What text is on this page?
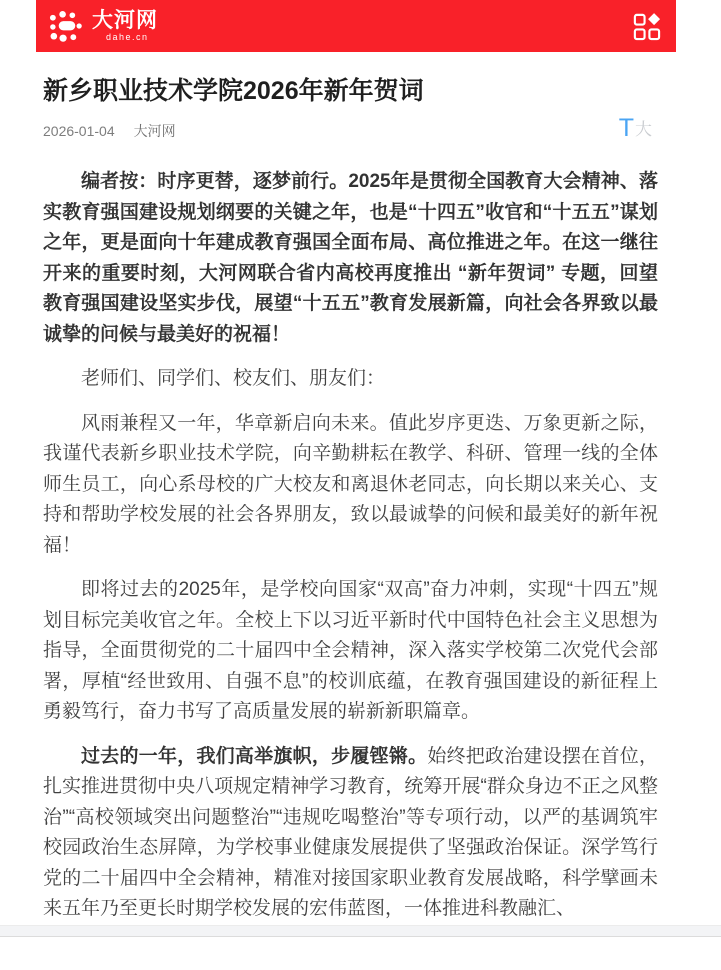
大河网
dahe.cn
新乡职业技术学院2026年新年贺词
2026-01-04 大河网	T 大

编者按：时序更替，逐梦前行。2025年是贯彻全国教育大会精神、落实教育强国建设规划纲要的关键之年，也是“十四五”收官和“十五五”谋划之年，更是面向十年建成教育强国全面布局、高位推进之年。在这一继往开来的重要时刻，大河网联合省内高校再度推出 “新年贺词” 专题，回望教育强国建设坚实步伐，展望“十五五”教育发展新篇，向社会各界致以最诚挚的问候与最美好的祝福！

老师们、同学们、校友们、朋友们：

风雨兼程又一年，华章新启向未来。值此岁序更迭、万象更新之际，我谨代表新乡职业技术学院，向辛勤耕耘在教学、科研、管理一线的全体师生员工，向心系母校的广大校友和离退休老同志，向长期以来关心、支持和帮助学校发展的社会各界朋友，致以最诚挚的问候和最美好的新年祝福！

即将过去的2025年，是学校向国家“双高”奋力冲刺，实现“十四五”规划目标完美收官之年。全校上下以习近平新时代中国特色社会主义思想为指导，全面贯彻党的二十届四中全会精神，深入落实学校第二次党代会部署，厚植“经世致用、自强不息”的校训底蕴，在教育强国建设的新征程上勇毅笃行，奋力书写了高质量发展的崭新新职篇章。

过去的一年，我们高举旗帜，步履铿锵。始终把政治建设摆在首位，扎实推进贯彻中央八项规定精神学习教育，统筹开展“群众身边不正之风整治”“高校领域突出问题整治”“违规吃喝整治”等专项行动，以严的基调筑牢校园政治生态屏障，为学校事业健康发展提供了坚强政治保证。深学笃行党的二十届四中全会精神，精准对接国家职业教育发展战略，科学擘画未来五年乃至更长时期学校发展的宏伟蓝图，一体推进科教融汇、
